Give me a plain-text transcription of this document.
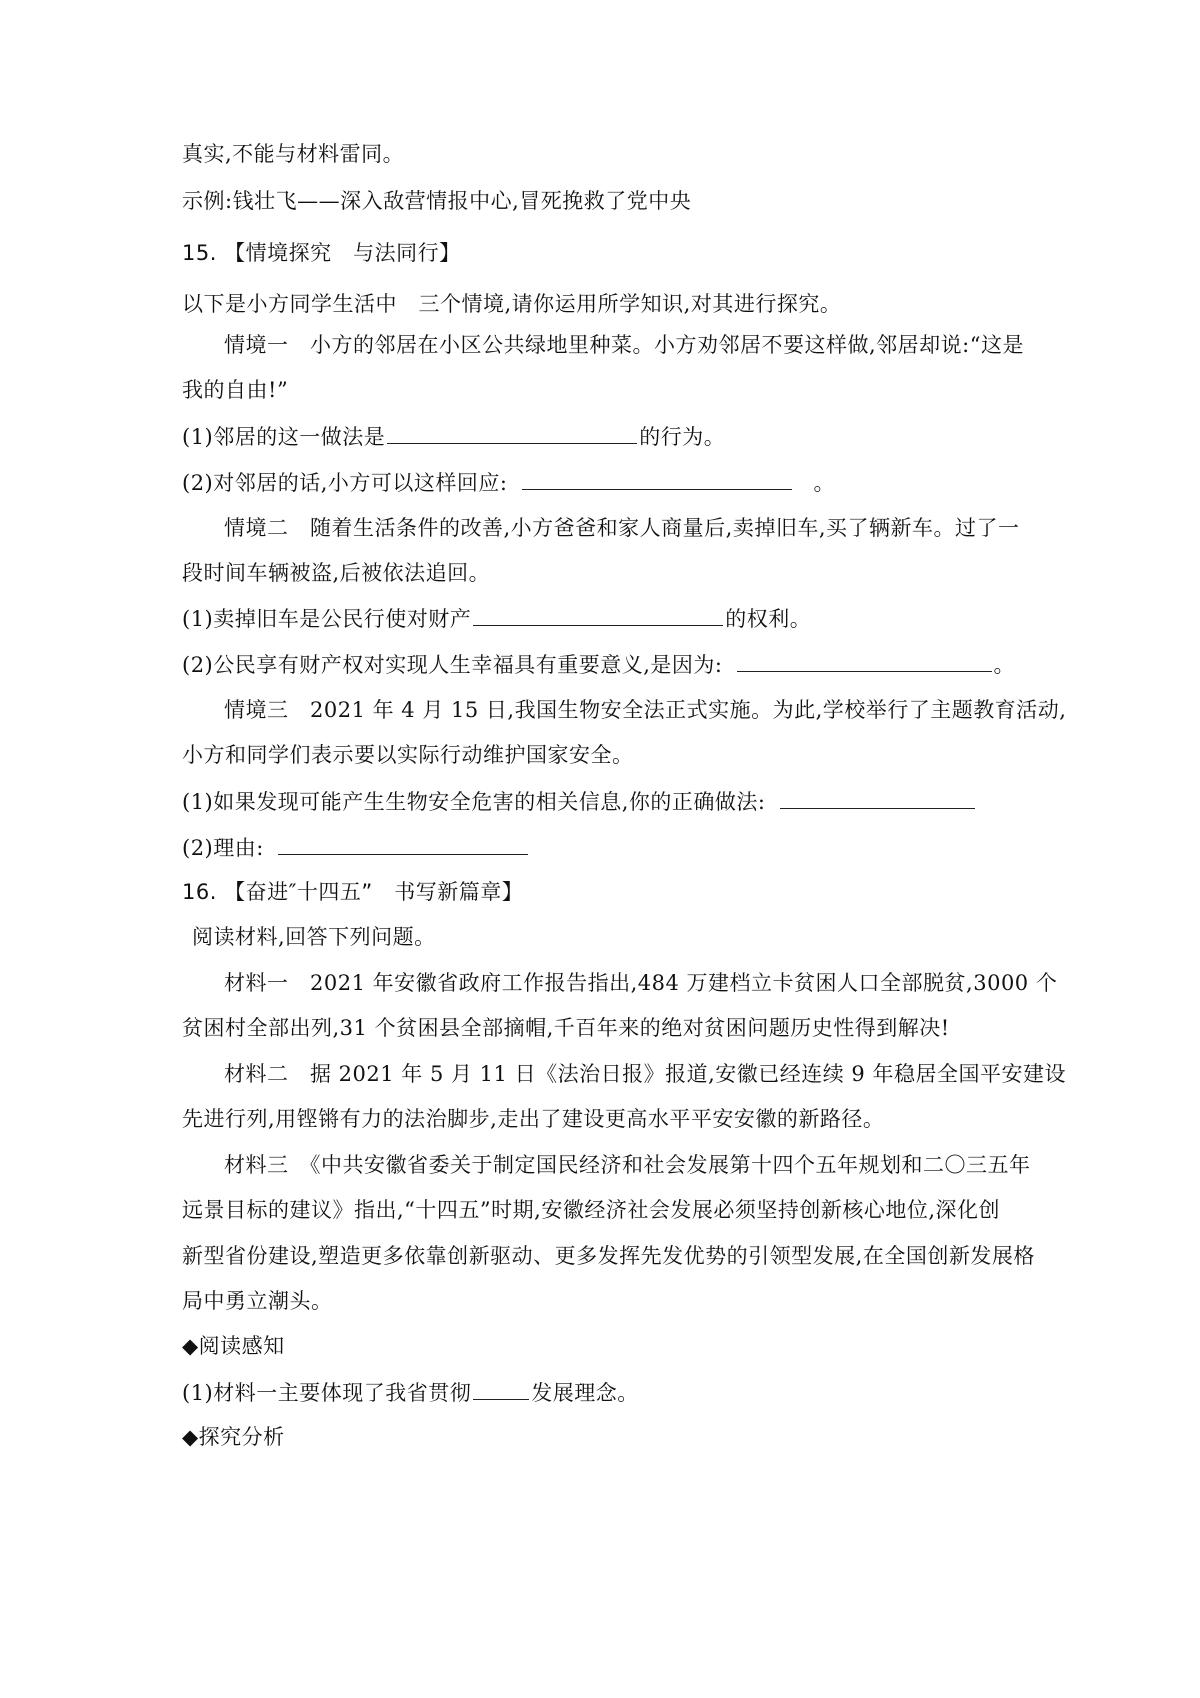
真实,不能与材料雷同。
示例:钱壮飞——深入敌营情报中心,冒死挽救了党中央
15. 【情境探究　与法同行】
以下是小方同学生活中　三个情境,请你运用所学知识,对其进行探究。
情境一　小方的邻居在小区公共绿地里种菜。小方劝邻居不要这样做,邻居却说:“这是
我的自由!”
(1)邻居的这一做法是	的行为。
(2)对邻居的话,小方可以这样回应:	。
情境二　随着生活条件的改善,小方爸爸和家人商量后,卖掉旧车,买了辆新车。过了一
段时间车辆被盗,后被依法追回。
(1)卖掉旧车是公民行使对财产	的权利。
(2)公民享有财产权对实现人生幸福具有重要意义,是因为:	。
情境三　2021 年 4 月 15 日,我国生物安全法正式实施。为此,学校举行了主题教育活动,
小方和同学们表示要以实际行动维护国家安全。
(1)如果发现可能产生生物安全危害的相关信息,你的正确做法:
(2)理由:
16. 【奋进″十四五”　书写新篇章】
阅读材料,回答下列问题。
材料一　2021 年安徽省政府工作报告指出,484 万建档立卡贫困人口全部脱贫,3000 个
贫困村全部出列,31 个贫困县全部摘帽,千百年来的绝对贫困问题历史性得到解决!
材料二　据 2021 年 5 月 11 日《法治日报》报道,安徽已经连续 9 年稳居全国平安建设
先进行列,用铿锵有力的法治脚步,走出了建设更高水平平安安徽的新路径。
材料三　《中共安徽省委关于制定国民经济和社会发展第十四个五年规划和二〇三五年
远景目标的建议》指出,“十四五”时期,安徽经济社会发展必须坚持创新核心地位,深化创
新型省份建设,塑造更多依靠创新驱动、更多发挥先发优势的引领型发展,在全国创新发展格
局中勇立潮头。
◆阅读感知
(1)材料一主要体现了我省贯彻	发展理念。
◆探究分析
